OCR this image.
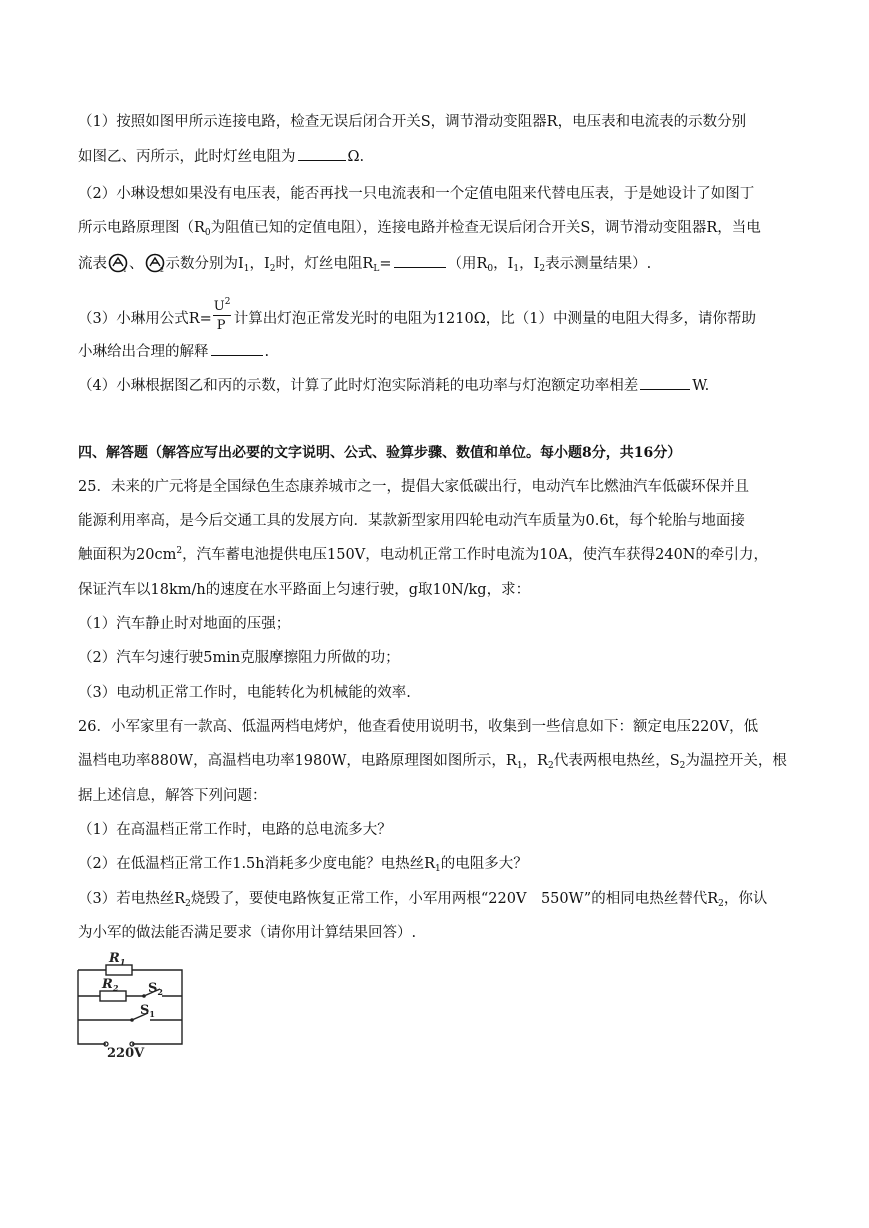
（1）按照如图甲所示连接电路，检查无误后闭合开关S，调节滑动变阻器R，电压表和电流表的示数分别
如图乙、丙所示，此时灯丝电阻为	Ω.
（2）小琳设想如果没有电压表，能否再找一只电流表和一个定值电阻来代替电压表，于是她设计了如图丁
所示电路原理图（$R_0$为阻值已知的定值电阻），连接电路并检查无误后闭合开关S，调节滑动变阻器R，当电
流表	1 、	2 示数分别为$I_1$，$I_2$时，灯丝电阻$R_L=$	（用$R_0$，$I_1$，$I_2$表示测量结果）.
（3）小琳用公式$R= \frac{U^2}{P}$ 计算出灯泡正常发光时的电阻为1210Ω，比（1）中测量的电阻大得多，请你帮助
小琳给出合理的解释	.
（4）小琳根据图乙和丙的示数，计算了此时灯泡实际消耗的电功率与灯泡额定功率相差	W.
四、解答题（解答应写出必要的文字说明、公式、验算步骤、数值和单位。每小题8分，共16分）
25．未来的广元将是全国绿色生态康养城市之一，提倡大家低碳出行，电动汽车比燃油汽车低碳环保并且
能源利用率高，是今后交通工具的发展方向．某款新型家用四轮电动汽车质量为0.6t，每个轮胎与地面接
触面积为$20cm^2$，汽车蓄电池提供电压150V，电动机正常工作时电流为10A，使汽车获得240N的牵引力，
保证汽车以18km/h的速度在水平路面上匀速行驶，g取10N/kg，求：
（1）汽车静止时对地面的压强；
（2）汽车匀速行驶5min克服摩擦阻力所做的功；
（3）电动机正常工作时，电能转化为机械能的效率.
26．小军家里有一款高、低温两档电烤炉，他查看使用说明书，收集到一些信息如下：额定电压220V，低
温档电功率880W，高温档电功率1980W，电路原理图如图所示，$R_1$，$R_2$代表两根电热丝，$S_2$为温控开关，根
据上述信息，解答下列问题：
（1）在高温档正常工作时，电路的总电流多大？
（2）在低温档正常工作1.5h消耗多少度电能？电热丝$R_1$的电阻多大？
（3）若电热丝$R_2$烧毁了，要使电路恢复正常工作，小军用两根“220V　550W”的相同电热丝替代$R_2$，你认
为小军的做法能否满足要求（请你用计算结果回答）.
$R_1$
$R_2$ $S_2$
$S_1$
220V
